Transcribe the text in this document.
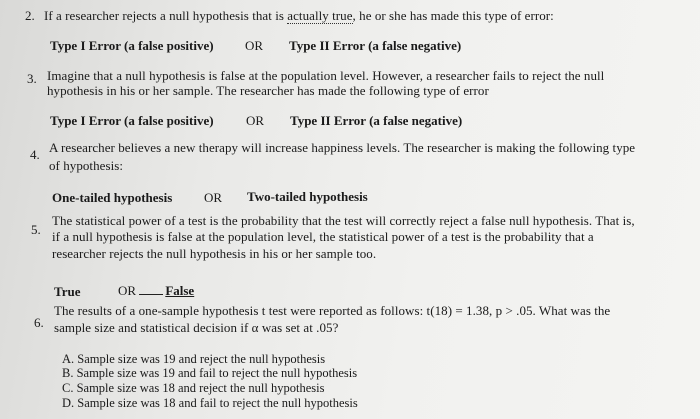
2. If a researcher rejects a null hypothesis that is actually true, he or she has made this type of error:
Type I Error (a false positive) OR Type II Error (a false negative)
3. Imagine that a null hypothesis is false at the population level. However, a researcher fails to reject the null
hypothesis in his or her sample. The researcher has made the following type of error
Type I Error (a false positive) OR Type II Error (a false negative)
4. A researcher believes a new therapy will increase happiness levels. The researcher is making the following type
of hypothesis:
One-tailed hypothesis OR Two-tailed hypothesis
5.
The statistical power of a test is the probability that the test will correctly reject a false null hypothesis. That is,
if a null hypothesis is false at the population level, the statistical power of a test is the probability that a
researcher rejects the null hypothesis in his or her sample too.
True	OR False
6.
The results of a one-sample hypothesis t test were reported as follows: t(18) = 1.38, p > .05. What was the
sample size and statistical decision if α was set at .05?
A. Sample size was 19 and reject the null hypothesis
B. Sample size was 19 and fail to reject the null hypothesis
C. Sample size was 18 and reject the null hypothesis
D. Sample size was 18 and fail to reject the null hypothesis
